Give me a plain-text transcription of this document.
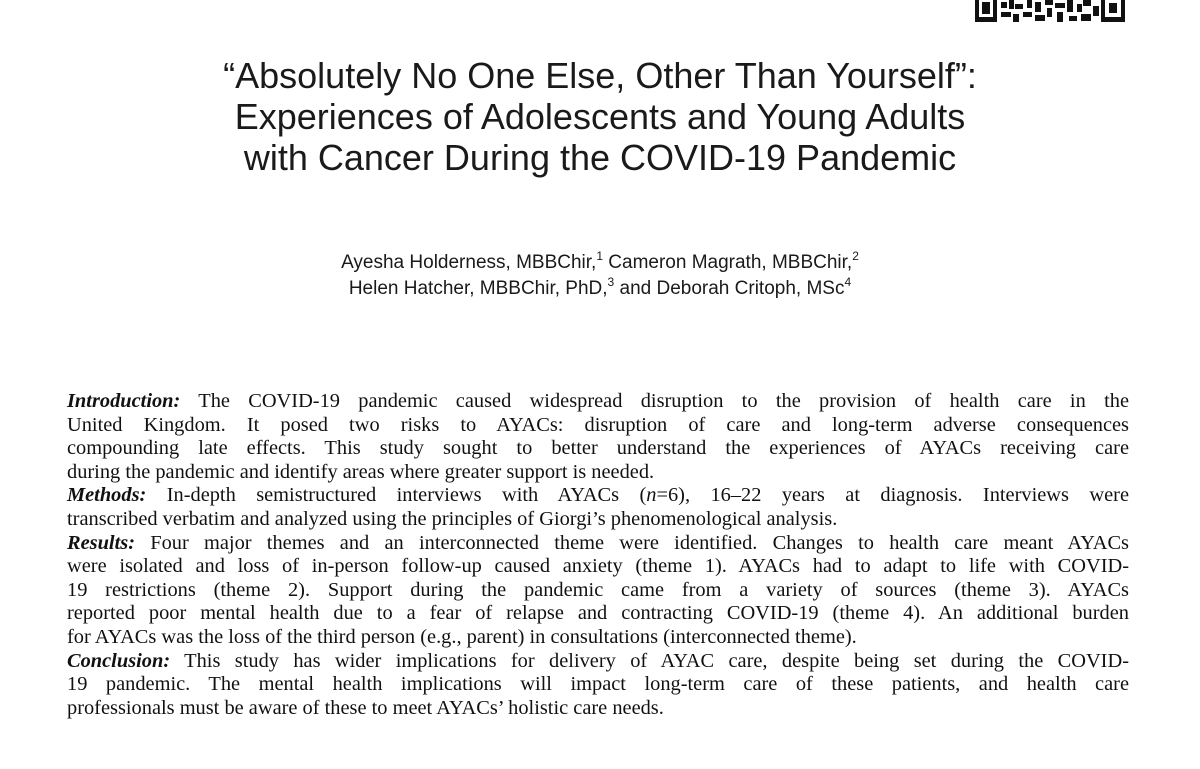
“Absolutely No One Else, Other Than Yourself”:
Experiences of Adolescents and Young Adults
with Cancer During the COVID-19 Pandemic
Ayesha Holderness, MBBChir,$^1$ Cameron Magrath, MBBChir,$^2$
Helen Hatcher, MBBChir, PhD,$^3$ and Deborah Critoph, MSc$^4$
Introduction: The COVID-19 pandemic caused widespread disruption to the provision of health care in the
United Kingdom. It posed two risks to AYACs: disruption of care and long-term adverse consequences
compounding late effects. This study sought to better understand the experiences of AYACs receiving care
during the pandemic and identify areas where greater support is needed.
Methods: In-depth semistructured interviews with AYACs (n=6), 16–22 years at diagnosis. Interviews were
transcribed verbatim and analyzed using the principles of Giorgi’s phenomenological analysis.
Results: Four major themes and an interconnected theme were identified. Changes to health care meant AYACs
were isolated and loss of in-person follow-up caused anxiety (theme 1). AYACs had to adapt to life with COVID-
19 restrictions (theme 2). Support during the pandemic came from a variety of sources (theme 3). AYACs
reported poor mental health due to a fear of relapse and contracting COVID-19 (theme 4). An additional burden
for AYACs was the loss of the third person (e.g., parent) in consultations (interconnected theme).
Conclusion: This study has wider implications for delivery of AYAC care, despite being set during the COVID-
19 pandemic. The mental health implications will impact long-term care of these patients, and health care
professionals must be aware of these to meet AYACs’ holistic care needs.
